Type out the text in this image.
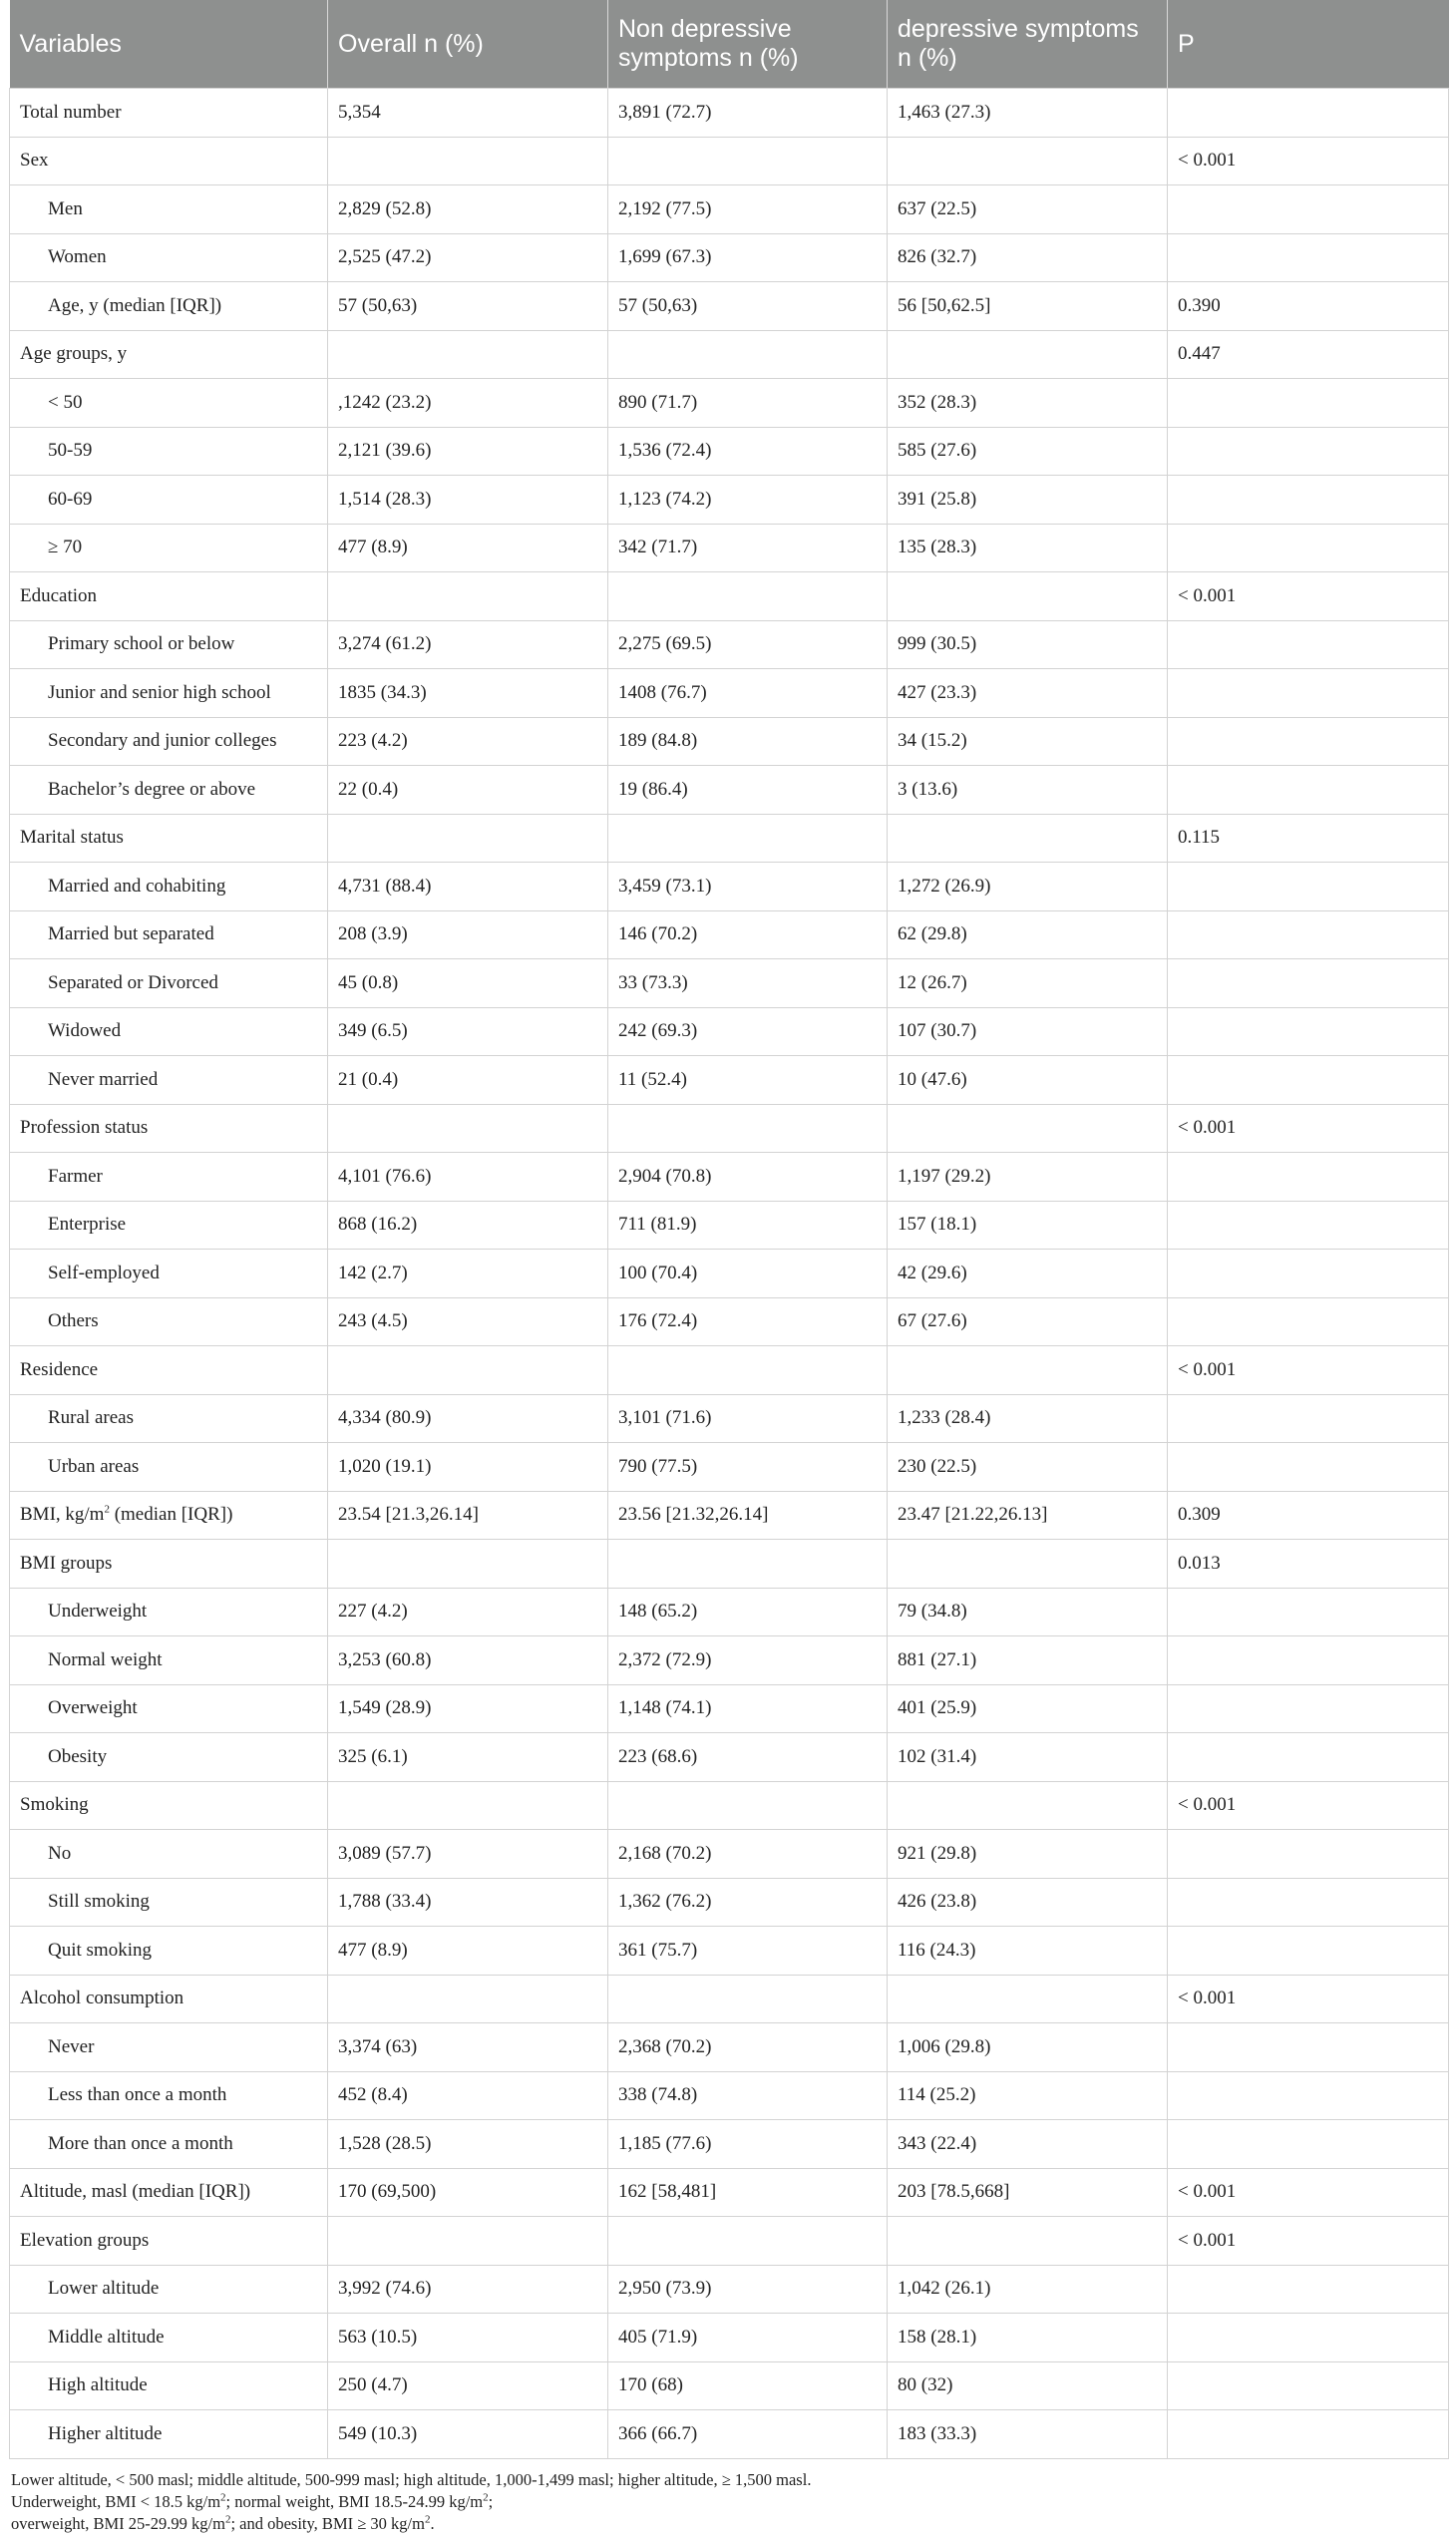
Variables	Overall n (%)	Non depressive symptoms n (%)	depressive symptoms n (%)	P
Total number	5,354	3,891 (72.7)	1,463 (27.3)	
Sex				< 0.001
Men	2,829 (52.8)	2,192 (77.5)	637 (22.5)	
Women	2,525 (47.2)	1,699 (67.3)	826 (32.7)	
Age, y (median [IQR])	57 (50,63)	57 (50,63)	56 [50,62.5]	0.390
Age groups, y				0.447
< 50	,1242 (23.2)	890 (71.7)	352 (28.3)	
50-59	2,121 (39.6)	1,536 (72.4)	585 (27.6)	
60-69	1,514 (28.3)	1,123 (74.2)	391 (25.8)	
≥ 70	477 (8.9)	342 (71.7)	135 (28.3)	
Education				< 0.001
Primary school or below	3,274 (61.2)	2,275 (69.5)	999 (30.5)	
Junior and senior high school	1835 (34.3)	1408 (76.7)	427 (23.3)	
Secondary and junior colleges	223 (4.2)	189 (84.8)	34 (15.2)	
Bachelor’s degree or above	22 (0.4)	19 (86.4)	3 (13.6)	
Marital status				0.115
Married and cohabiting	4,731 (88.4)	3,459 (73.1)	1,272 (26.9)	
Married but separated	208 (3.9)	146 (70.2)	62 (29.8)	
Separated or Divorced	45 (0.8)	33 (73.3)	12 (26.7)	
Widowed	349 (6.5)	242 (69.3)	107 (30.7)	
Never married	21 (0.4)	11 (52.4)	10 (47.6)	
Profession status				< 0.001
Farmer	4,101 (76.6)	2,904 (70.8)	1,197 (29.2)	
Enterprise	868 (16.2)	711 (81.9)	157 (18.1)	
Self-employed	142 (2.7)	100 (70.4)	42 (29.6)	
Others	243 (4.5)	176 (72.4)	67 (27.6)	
Residence				< 0.001
Rural areas	4,334 (80.9)	3,101 (71.6)	1,233 (28.4)	
Urban areas	1,020 (19.1)	790 (77.5)	230 (22.5)	
BMI, $kg/m^2$ (median [IQR])	23.54 [21.3,26.14]	23.56 [21.32,26.14]	23.47 [21.22,26.13]	0.309
BMI groups				0.013
Underweight	227 (4.2)	148 (65.2)	79 (34.8)	
Normal weight	3,253 (60.8)	2,372 (72.9)	881 (27.1)	
Overweight	1,549 (28.9)	1,148 (74.1)	401 (25.9)	
Obesity	325 (6.1)	223 (68.6)	102 (31.4)	
Smoking				< 0.001
No	3,089 (57.7)	2,168 (70.2)	921 (29.8)	
Still smoking	1,788 (33.4)	1,362 (76.2)	426 (23.8)	
Quit smoking	477 (8.9)	361 (75.7)	116 (24.3)	
Alcohol consumption				< 0.001
Never	3,374 (63)	2,368 (70.2)	1,006 (29.8)	
Less than once a month	452 (8.4)	338 (74.8)	114 (25.2)	
More than once a month	1,528 (28.5)	1,185 (77.6)	343 (22.4)	
Altitude, masl (median [IQR])	170 (69,500)	162 [58,481]	203 [78.5,668]	< 0.001
Elevation groups				< 0.001
Lower altitude	3,992 (74.6)	2,950 (73.9)	1,042 (26.1)	
Middle altitude	563 (10.5)	405 (71.9)	158 (28.1)	
High altitude	250 (4.7)	170 (68)	80 (32)	
Higher altitude	549 (10.3)	366 (66.7)	183 (33.3)	
Lower altitude, < 500 masl; middle altitude, 500-999 masl; high altitude, 1,000-1,499 masl; higher altitude, ≥ 1,500 masl.
Underweight, BMI < 18.5 $kg/m^2$; normal weight, BMI 18.5-24.99 $kg/m^2$;
overweight, BMI 25-29.99 $kg/m^2$; and obesity, BMI ≥ 30 $kg/m^2$.
